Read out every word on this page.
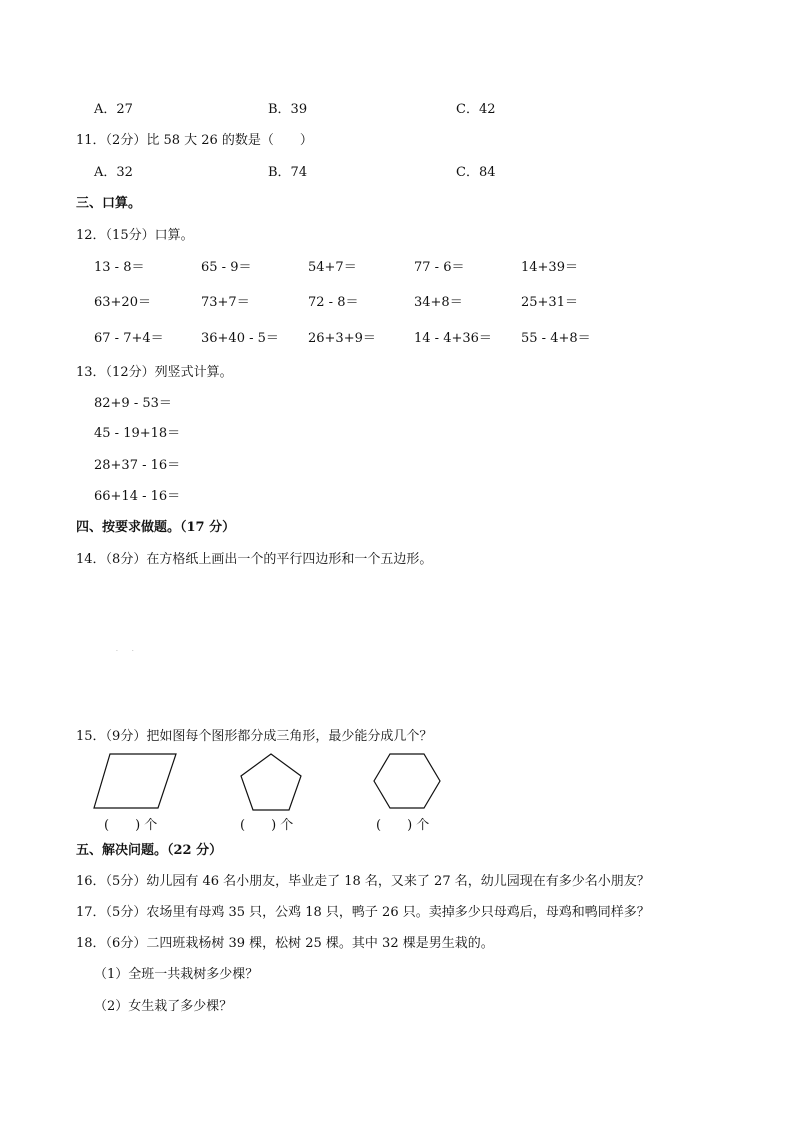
A．27	B．39	C．42
11．（2分）比 58 大 26 的数是（　　）
A．32	B．74	C．84
三、口算。
12．（15分）口算。
13 - 8＝	65 - 9＝	54+7＝	77 - 6＝	14+39＝
63+20＝	73+7＝	72 - 8＝	34+8＝	25+31＝
67 - 7+4＝	36+40 - 5＝ 26+3+9＝	14 - 4+36＝ 55 - 4+8＝
13．（12分）列竖式计算。
82+9 - 53＝
45 - 19+18＝
28+37 - 16＝
66+14 - 16＝
四、按要求做题。（17 分）
14．（8分）在方格纸上画出一个的平行四边形和一个五边形。
· ·
15．（9分）把如图每个图形都分成三角形，最少能分成几个？
(　　) 个	(　　) 个	(　　) 个
五、解决问题。（22 分）
16．（5分）幼儿园有 46 名小朋友，毕业走了 18 名，又来了 27 名，幼儿园现在有多少名小朋友？
17．（5分）农场里有母鸡 35 只，公鸡 18 只，鸭子 26 只。卖掉多少只母鸡后，母鸡和鸭同样多？
18．（6分）二四班栽杨树 39 棵，松树 25 棵。其中 32 棵是男生栽的。
（1）全班一共栽树多少棵？
（2）女生栽了多少棵？
